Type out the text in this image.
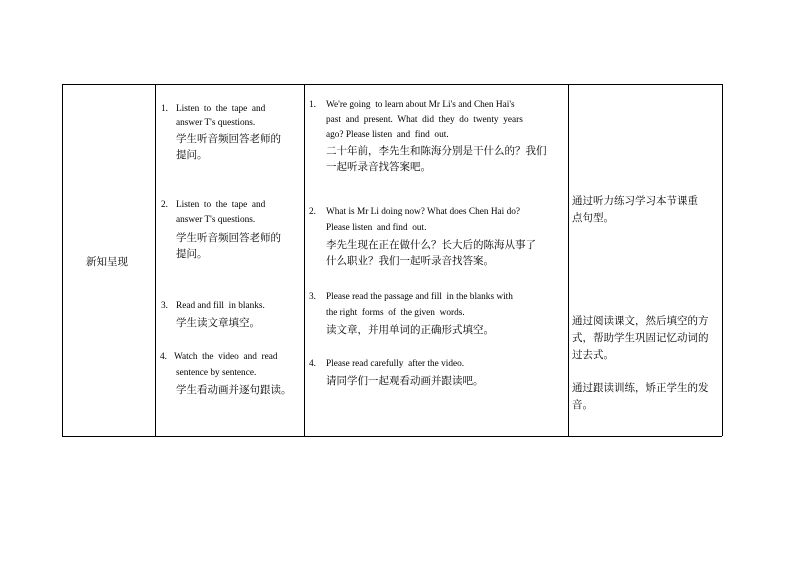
新知呈现
1. Listen  to  the  tape  and
answer T's questions.
学生听音频回答老师的
提问。
2. Listen  to  the  tape  and
answer T's questions.
学生听音频回答老师的
提问。
3. Read and fill  in blanks.
学生读文章填空。
4. Watch  the  video  and  read
sentence by sentence.
学生看动画并逐句跟读。
1. We're going  to learn about Mr Li's and Chen Hai's
past  and  present.  What  did  they  do  twenty  years
ago? Please listen  and  find  out.
二十年前，李先生和陈海分别是干什么的？我们
一起听录音找答案吧。
2. What is Mr Li doing now? What does Chen Hai do?
Please listen  and find  out.
李先生现在正在做什么？长大后的陈海从事了
什么职业？我们一起听录音找答案。
3. Please read the passage and fill  in the blanks with
the right  forms  of  the given  words.
读文章，并用单词的正确形式填空。
4. Please read carefully  after the video.
请同学们一起观看动画并跟读吧。
通过听力练习学习本节课重
点句型。
通过阅读课文，然后填空的方
式，帮助学生巩固记忆动词的
过去式。
通过跟读训练，矫正学生的发
音。
